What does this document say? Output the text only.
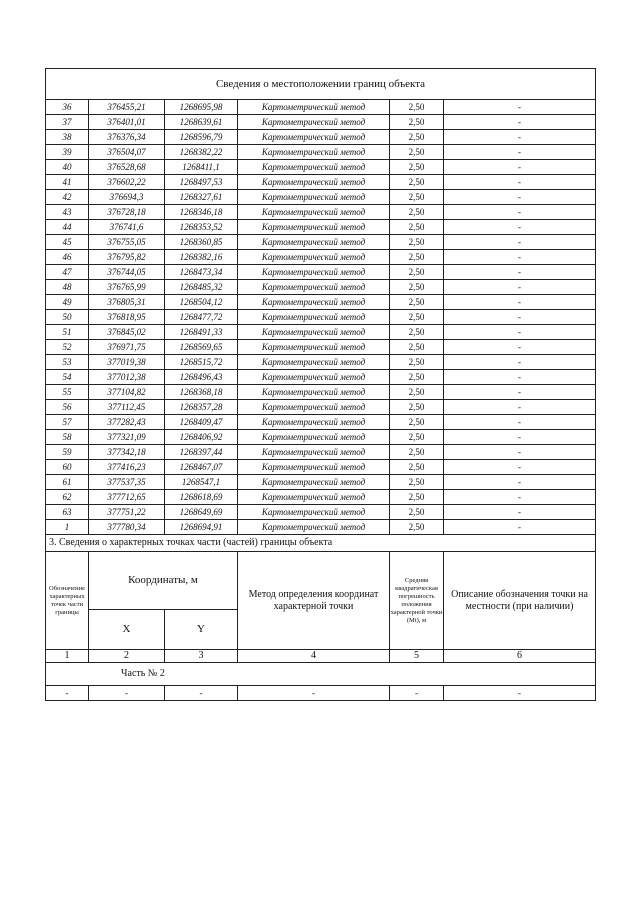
Сведения о местоположении границ объекта					
36	376455,21	1268695,98	Картометрический метод	2,50	-
37	376401,01	1268639,61	Картометрический метод	2,50	-
38	376376,34	1268596,79	Картометрический метод	2,50	-
39	376504,07	1268382,22	Картометрический метод	2,50	-
40	376528,68	1268411,1	Картометрический метод	2,50	-
41	376602,22	1268497,53	Картометрический метод	2,50	-
42	376694,3	1268327,61	Картометрический метод	2,50	-
43	376728,18	1268346,18	Картометрический метод	2,50	-
44	376741,6	1268353,52	Картометрический метод	2,50	-
45	376755,05	1268360,85	Картометрический метод	2,50	-
46	376795,82	1268382,16	Картометрический метод	2,50	-
47	376744,05	1268473,34	Картометрический метод	2,50	-
48	376765,99	1268485,32	Картометрический метод	2,50	-
49	376805,31	1268504,12	Картометрический метод	2,50	-
50	376818,95	1268477,72	Картометрический метод	2,50	-
51	376845,02	1268491,33	Картометрический метод	2,50	-
52	376971,75	1268569,65	Картометрический метод	2,50	-
53	377019,38	1268515,72	Картометрический метод	2,50	-
54	377012,38	1268496,43	Картометрический метод	2,50	-
55	377104,82	1268368,18	Картометрический метод	2,50	-
56	377112,45	1268357,28	Картометрический метод	2,50	-
57	377282,43	1268409,47	Картометрический метод	2,50	-
58	377321,09	1268406,92	Картометрический метод	2,50	-
59	377342,18	1268397,44	Картометрический метод	2,50	-
60	377416,23	1268467,07	Картометрический метод	2,50	-
61	377537,35	1268547,1	Картометрический метод	2,50	-
62	377712,65	1268618,69	Картометрический метод	2,50	-
63	377751,22	1268649,69	Картометрический метод	2,50	-
1	377780,34	1268694,91	Картометрический метод	2,50	-
3. Сведения о характерных точках части (частей) границы объекта					
Обозначение характерных точек части границы	Координаты, м		Метод определения координат характерной точки	Средняя квадратическая погрешность положения характерной точки (Mt), м	Описание обозначения точки на местности (при наличии)
	X	Y			
1	2	3	4	5	6
Часть № 2					
-	-	-	-	-	-
